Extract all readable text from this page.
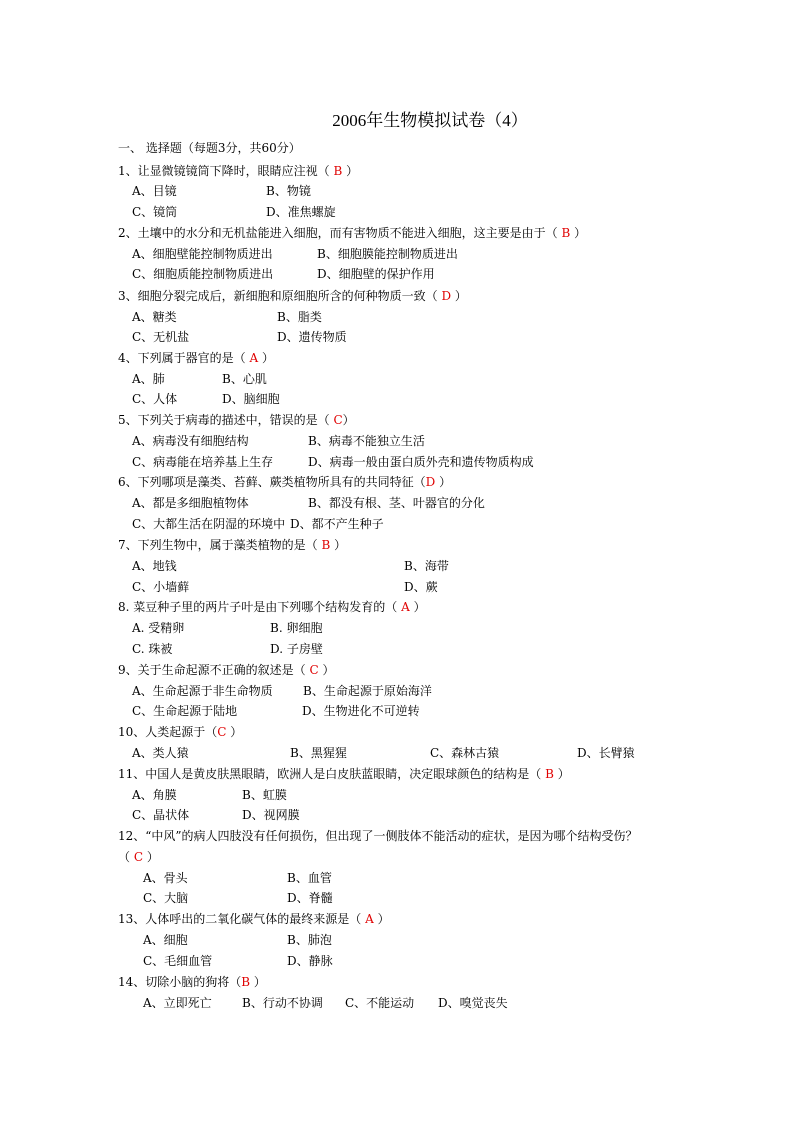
2006年生物模拟试卷（4）
一、 选择题（每题3分，共60分）
1、让显微镜镜筒下降时，眼睛应注视（ B ）
A、目镜	B、物镜
C、镜筒	D、准焦螺旋
2、土壤中的水分和无机盐能进入细胞，而有害物质不能进入细胞，这主要是由于（ B ）
A、细胞壁能控制物质进出	B、细胞膜能控制物质进出
C、细胞质能控制物质进出	D、细胞壁的保护作用
3、细胞分裂完成后，新细胞和原细胞所含的何种物质一致（ D ）
A、糖类	B、脂类
C、无机盐	D、遗传物质
4、下列属于器官的是（ A ）
A、肺	B、心肌
C、人体	D、脑细胞
5、下列关于病毒的描述中，错误的是（ C）
A、病毒没有细胞结构	B、病毒不能独立生活
C、病毒能在培养基上生存	D、病毒一般由蛋白质外壳和遗传物质构成
6、下列哪项是藻类、苔藓、蕨类植物所具有的共同特征（D ）
A、都是多细胞植物体	B、都没有根、茎、叶器官的分化
C、大都生活在阴湿的环境中 D、都不产生种子
7、下列生物中，属于藻类植物的是（ B ）
A、地钱	B、海带
C、小墙藓	D、蕨
8. 菜豆种子里的两片子叶是由下列哪个结构发育的（ A ）
A. 受精卵	B. 卵细胞
C. 珠被	D. 子房壁
9、关于生命起源不正确的叙述是（ C ）
A、生命起源于非生命物质	B、生命起源于原始海洋
C、生命起源于陆地	D、生物进化不可逆转
10、人类起源于（C ）
A、类人猿	B、黑猩猩	C、森林古猿	D、长臂猿
11、中国人是黄皮肤黑眼睛，欧洲人是白皮肤蓝眼睛，决定眼球颜色的结构是（ B ）
A、角膜	B、虹膜
C、晶状体	D、视网膜
12、“中风”的病人四肢没有任何损伤，但出现了一侧肢体不能活动的症状，是因为哪个结构受伤？
（ C ）
A、骨头	B、血管
C、大脑	D、脊髓
13、人体呼出的二氧化碳气体的最终来源是（ A ）
A、细胞	B、肺泡
C、毛细血管	D、静脉
14、切除小脑的狗将（B ）
A、立即死亡	B、行动不协调 C、不能运动 D、嗅觉丧失
